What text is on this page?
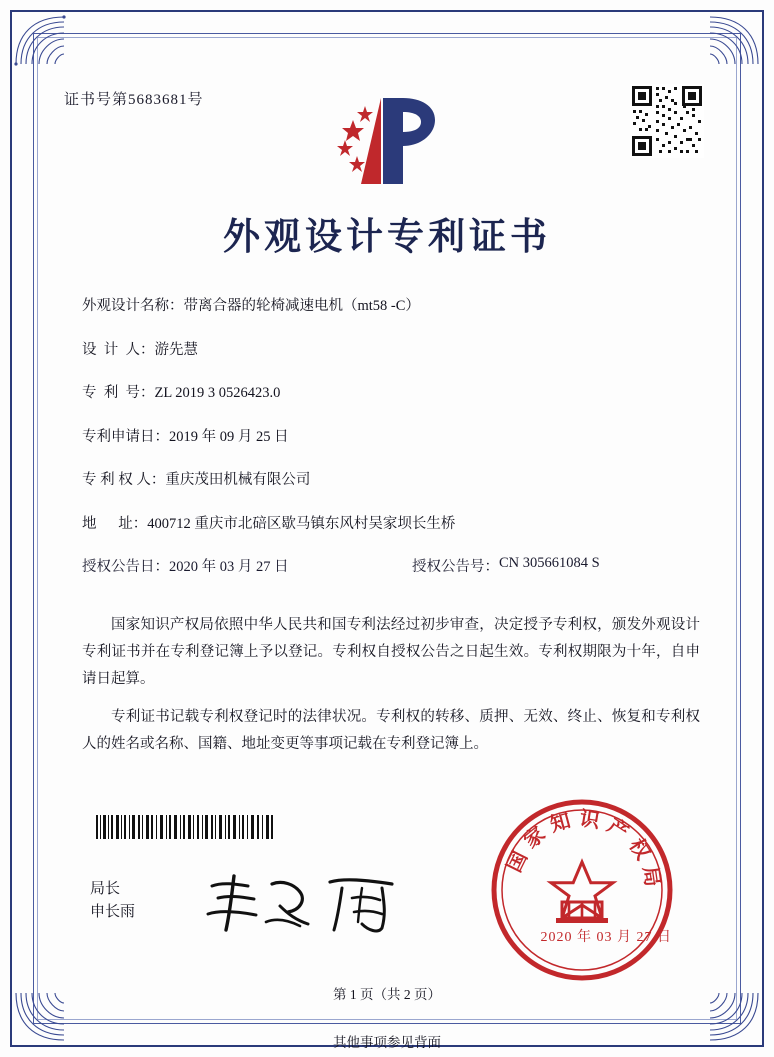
证书号第5683681号
外观设计专利证书
外观设计名称： 带离合器的轮椅减速电机（mt58 -C）
设  计  人： 游先慧
专  利  号： ZL 2019 3 0526423.0
专利申请日： 2019 年 09 月 25 日
专 利 权 人： 重庆茂田机械有限公司
地      址： 400712 重庆市北碚区歇马镇东风村吴家坝长生桥
授权公告日： 2020 年 03 月 27 日	授权公告号： CN 305661084 S

国家知识产权局依照中华人民共和国专利法经过初步审查，决定授予专利权，颁发外观设计专利证书并在专利登记簿上予以登记。专利权自授权公告之日起生效。专利权期限为十年，自申请日起算。

专利证书记载专利权登记时的法律状况。专利权的转移、质押、无效、终止、恢复和专利权人的姓名或名称、国籍、地址变更等事项记载在专利登记簿上。

局长
申长雨
国家知识产权局
2020 年 03 月 27 日
第 1 页（共 2 页）
其他事项参见背面
